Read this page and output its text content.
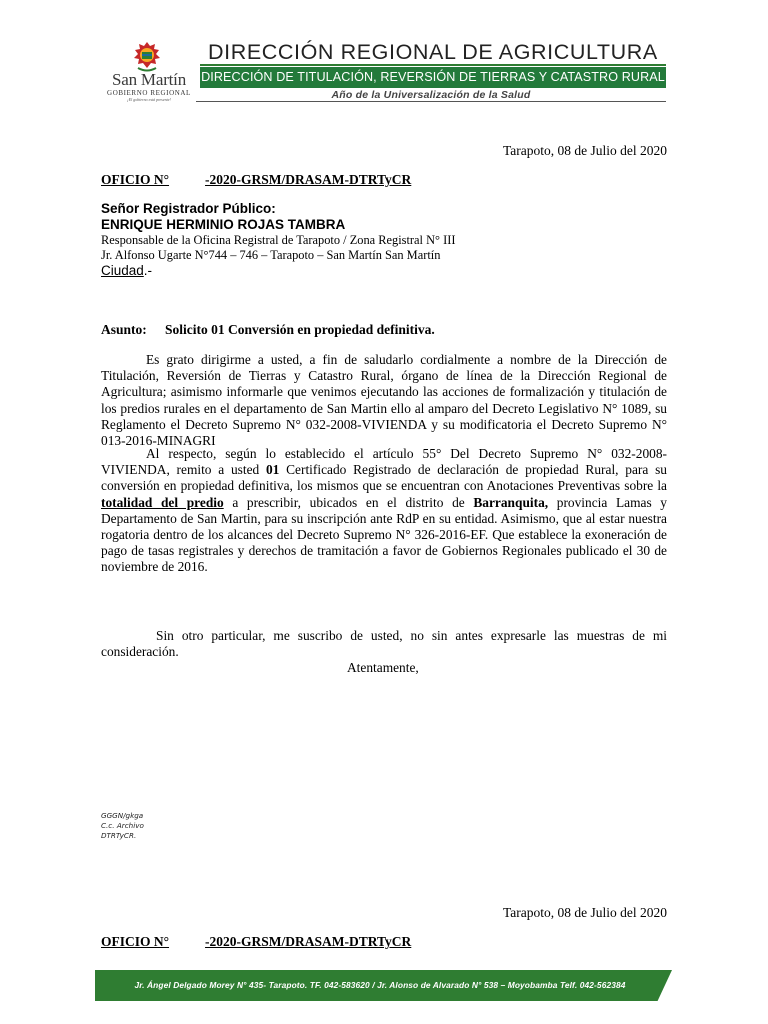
San Martín
GOBIERNO REGIONAL
¡El gobierno está presente!
DIRECCIÓN REGIONAL DE AGRICULTURA
DIRECCIÓN DE TITULACIÓN, REVERSIÓN DE TIERRAS Y CATASTRO RURAL
Año de la Universalización de la Salud
Tarapoto, 08 de Julio del 2020
OFICIO N°	-2020-GRSM/DRASAM-DTRTyCR
Señor Registrador Público:
ENRIQUE HERMINIO ROJAS TAMBRA
Responsable de la Oficina Registral de Tarapoto / Zona Registral N° III
Jr. Alfonso Ugarte N°744 – 746 – Tarapoto – San Martín San Martín
Ciudad.-
Asunto: Solicito 01 Conversión en propiedad definitiva.
Es grato dirigirme a usted, a fin de saludarlo cordialmente a nombre de la Dirección de Titulación, Reversión de Tierras y Catastro Rural, órgano de línea de la Dirección Regional de Agricultura; asimismo informarle que venimos ejecutando las acciones de formalización y titulación de los predios rurales en el departamento de San Martin ello al amparo del Decreto Legislativo N° 1089, su Reglamento el Decreto Supremo N° 032-2008-VIVIENDA y su modificatoria el Decreto Supremo N° 013-2016-MINAGRI
Al respecto, según lo establecido el artículo 55° Del Decreto Supremo N° 032-2008-VIVIENDA, remito a usted 01 Certificado Registrado de declaración de propiedad Rural, para su conversión en propiedad definitiva, los mismos que se encuentran con Anotaciones Preventivas sobre la totalidad del predio a prescribir, ubicados en el distrito de Barranquita, provincia Lamas y Departamento de San Martin, para su inscripción ante RdP en su entidad. Asimismo, que al estar nuestra rogatoria dentro de los alcances del Decreto Supremo N° 326-2016-EF. Que establece la exoneración de pago de tasas registrales y derechos de tramitación a favor de Gobiernos Regionales publicado el 30 de noviembre de 2016.
Sin otro particular, me suscribo de usted, no sin antes expresarle las muestras de mi consideración.
Atentamente,
GGGN/gkga
C.c. Archivo
DTRTyCR.
Tarapoto, 08 de Julio del 2020
OFICIO N°	-2020-GRSM/DRASAM-DTRTyCR
Jr. Ángel Delgado Morey N° 435- Tarapoto. TF. 042-583620 / Jr. Alonso de Alvarado N° 538 – Moyobamba Telf. 042-562384
